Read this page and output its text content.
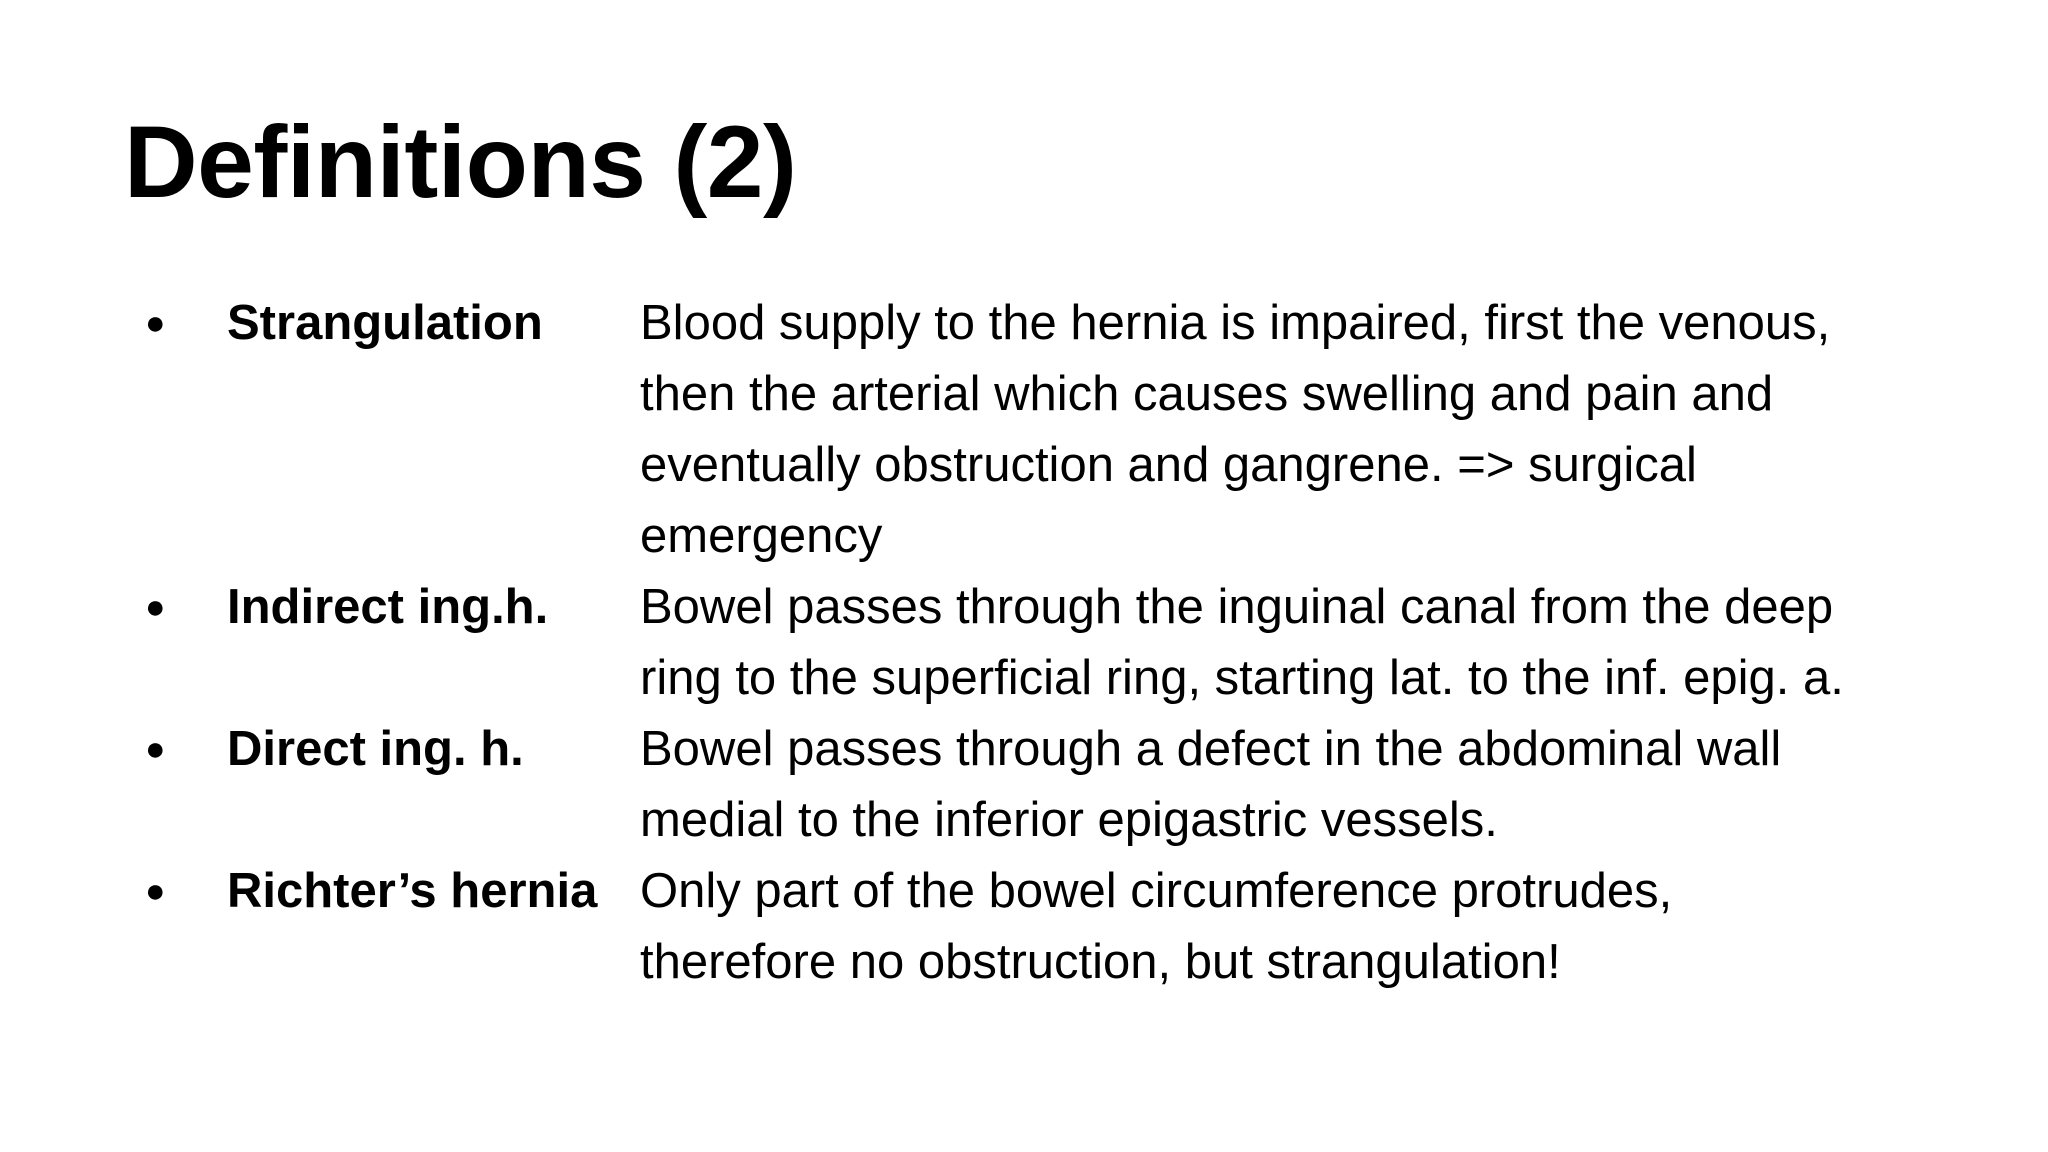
Definitions (2)
● Strangulation Blood supply to the hernia is impaired, first the venous,
then the arterial which causes swelling and pain and
eventually obstruction and gangrene. => surgical
emergency
● Indirect ing.h. Bowel passes through the inguinal canal from the deep
ring to the superficial ring, starting lat. to the inf. epig. a.
● Direct ing. h. Bowel passes through a defect in the abdominal wall
medial to the inferior epigastric vessels.
● Richter’s hernia Only part of the bowel circumference protrudes,
therefore no obstruction, but strangulation!
